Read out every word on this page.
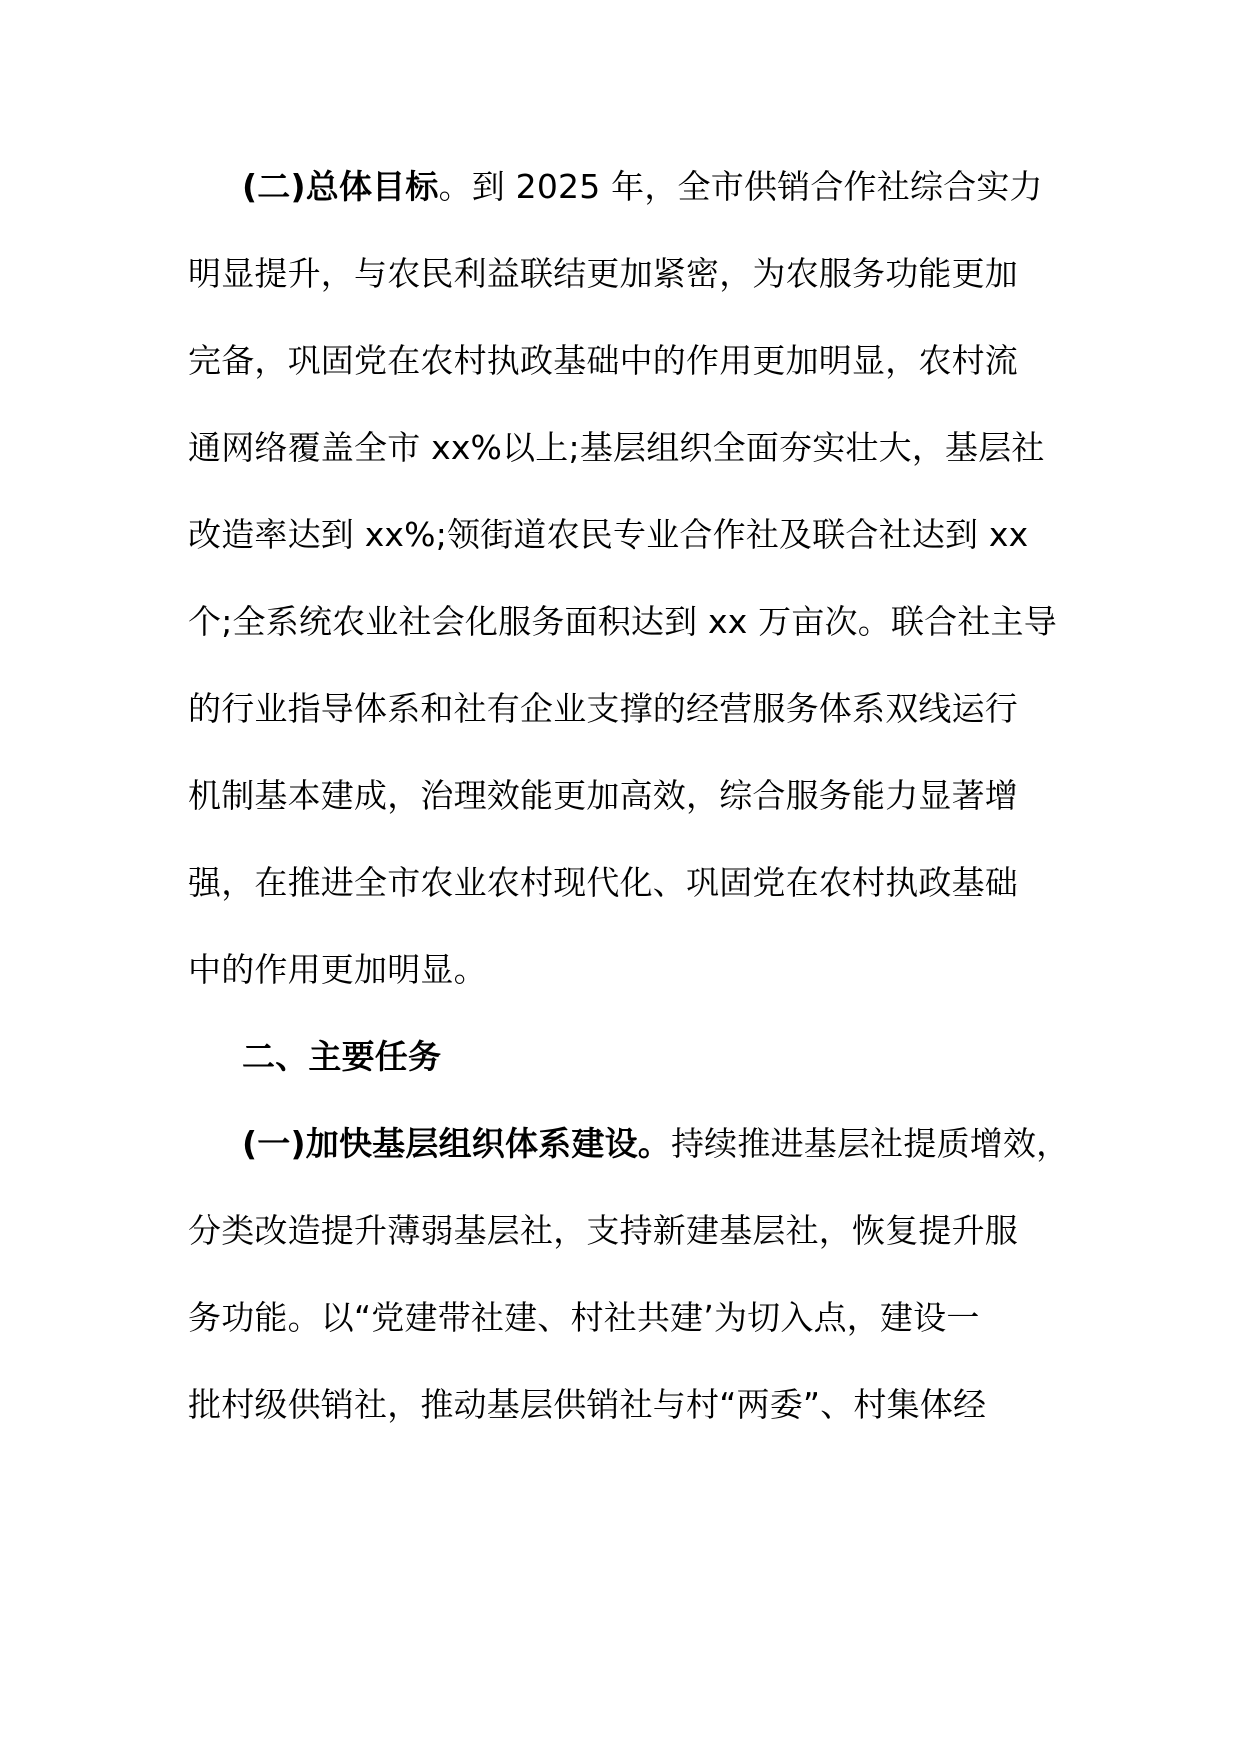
(二)总体目标。到 2025 年，全市供销合作社综合实力
明显提升，与农民利益联结更加紧密，为农服务功能更加
完备，巩固党在农村执政基础中的作用更加明显，农村流
通网络覆盖全市 xx%以上;基层组织全面夯实壮大，基层社
改造率达到 xx%;领街道农民专业合作社及联合社达到 xx
个;全系统农业社会化服务面积达到 xx 万亩次。联合社主导
的行业指导体系和社有企业支撑的经营服务体系双线运行
机制基本建成，治理效能更加高效，综合服务能力显著增
强，在推进全市农业农村现代化、巩固党在农村执政基础
中的作用更加明显。
二、主要任务
(一)加快基层组织体系建设。持续推进基层社提质增效，
分类改造提升薄弱基层社，支持新建基层社，恢复提升服
务功能。以“党建带社建、村社共建’为切入点，建设一
批村级供销社，推动基层供销社与村“两委”、村集体经
